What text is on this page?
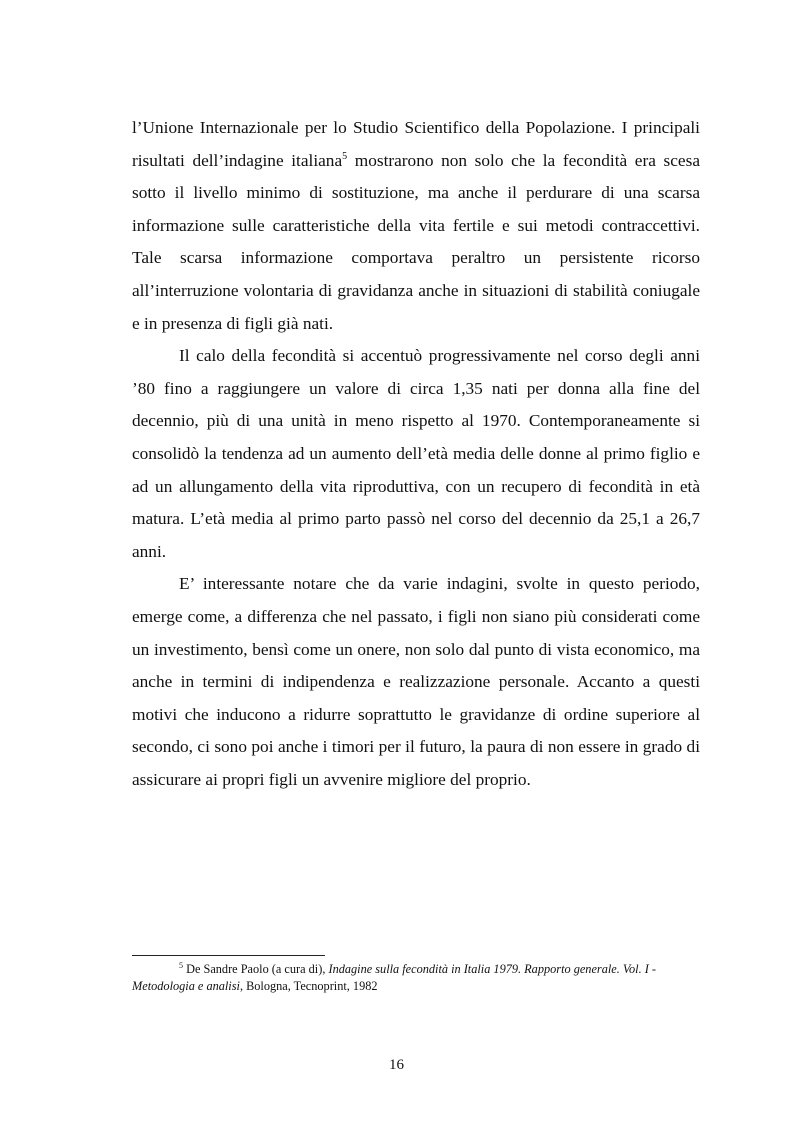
l’Unione Internazionale per lo Studio Scientifico della Popolazione. I principali risultati dell’indagine italiana$^5$ mostrarono non solo che la fecondità era scesa sotto il livello minimo di sostituzione, ma anche il perdurare di una scarsa informazione sulle caratteristiche della vita fertile e sui metodi contraccettivi. Tale scarsa informazione comportava peraltro un persistente ricorso all’interruzione volontaria di gravidanza anche in situazioni di stabilità coniugale e in presenza di figli già nati.

Il calo della fecondità si accentuò progressivamente nel corso degli anni ’80 fino a raggiungere un valore di circa 1,35 nati per donna alla fine del decennio, più di una unità in meno rispetto al 1970. Contemporaneamente si consolidò la tendenza ad un aumento dell’età media delle donne al primo figlio e ad un allungamento della vita riproduttiva, con un recupero di fecondità in età matura. L’età media al primo parto passò nel corso del decennio da 25,1 a 26,7 anni.

E’ interessante notare che da varie indagini, svolte in questo periodo, emerge come, a differenza che nel passato, i figli non siano più considerati come un investimento, bensì come un onere, non solo dal punto di vista economico, ma anche in termini di indipendenza e realizzazione personale. Accanto a questi motivi che inducono a ridurre soprattutto le gravidanze di ordine superiore al secondo, ci sono poi anche i timori per il futuro, la paura di non essere in grado di assicurare ai propri figli un avvenire migliore del proprio.

$^5$ De Sandre Paolo (a cura di), Indagine sulla fecondità in Italia 1979. Rapporto generale. Vol. I - Metodologia e analisi, Bologna, Tecnoprint, 1982
16
